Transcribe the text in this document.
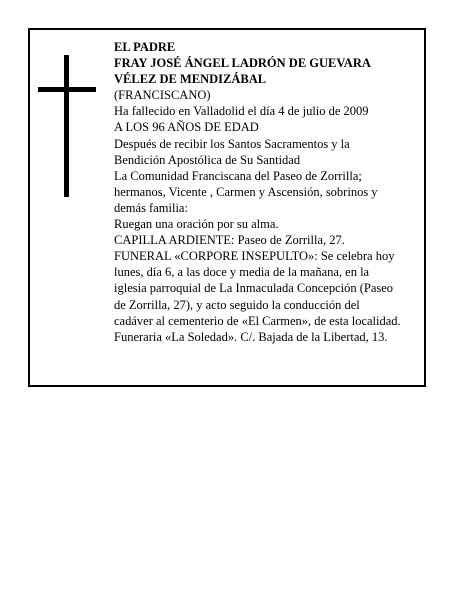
EL PADRE
FRAY JOSÉ ÁNGEL LADRÓN DE GUEVARA
VÉLEZ DE MENDIZÁBAL
(FRANCISCANO)
Ha fallecido en Valladolid el día 4 de julio de 2009
A LOS 96 AÑOS DE EDAD
Después de recibir los Santos Sacramentos y la
Bendición Apostólica de Su Santidad
La Comunidad Franciscana del Paseo de Zorrilla;
hermanos, Vicente , Carmen y Ascensión, sobrinos y
demás familia:
Ruegan una oración por su alma.
CAPILLA ARDIENTE: Paseo de Zorrilla, 27.
FUNERAL «CORPORE INSEPULTO»: Se celebra hoy
lunes, día 6, a las doce y media de la mañana, en la
iglesia parroquial de La Inmaculada Concepción (Paseo
de Zorrilla, 27), y acto seguido la conducción del
cadáver al cementerio de «El Carmen», de esta localidad.
Funeraria «La Soledad». C/. Bajada de la Libertad, 13.
